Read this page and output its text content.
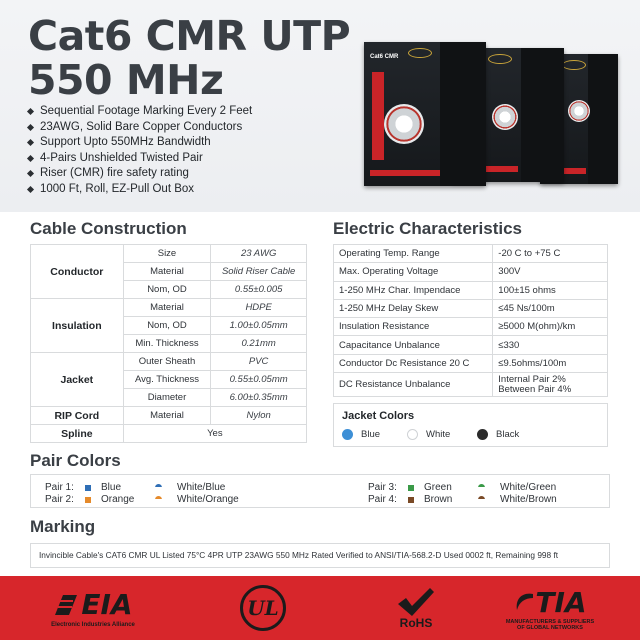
Cat6 CMR UTP
550 MHz
Sequential Footage Marking Every 2 Feet
23AWG, Solid Bare Copper Conductors
Support Upto 550MHz Bandwidth
4-Pairs Unshielded Twisted Pair
Riser (CMR) fire safety rating
1000 Ft, Roll, EZ-Pull Out Box
Cat6 CMR
Cable Construction
Conductor	Size	23 AWG
	Material	Solid Riser Cable
	Nom, OD	0.55±0.005
Insulation	Material	HDPE
	Nom, OD	1.00±0.05mm
	Min. Thickness	0.21mm
Jacket	Outer Sheath	PVC
	Avg. Thickness	0.55±0.05mm
	Diameter	6.00±0.35mm
RIP Cord	Material	Nylon
Spline	Yes	
Electric Characteristics
Operating Temp. Range	-20 C to +75 C
Max. Operating Voltage	300V
1-250 MHz Char. Impendace	100±15 ohms
1-250 MHz Delay Skew	≤45 Ns/100m
Insulation Resistance	≥5000 M(ohm)/km
Capacitance Unbalance	≤330
Conductor Dc Resistance 20 C	≤9.5ohms/100m
DC Resistance Unbalance	Internal Pair 2%
Between Pair 4%
Jacket Colors
Blue	White	Black
Pair Colors
Pair 1:	Blue	White/Blue
Pair 2:	Orange	White/Orange
Pair 3:	Green	White/Green
Pair 4:	Brown	White/Brown
Marking
Invincible Cable's CAT6 CMR UL Listed 75°C 4PR UTP 23AWG 550 MHz Rated Verified to ANSI/TIA-568.2-D Used 0002 ft, Remaining 998 ft
EIA
Electronic Industries Alliance
UL
RoHS
TIA
MANUFACTURERS & SUPPLIERS
OF GLOBAL NETWORKS
